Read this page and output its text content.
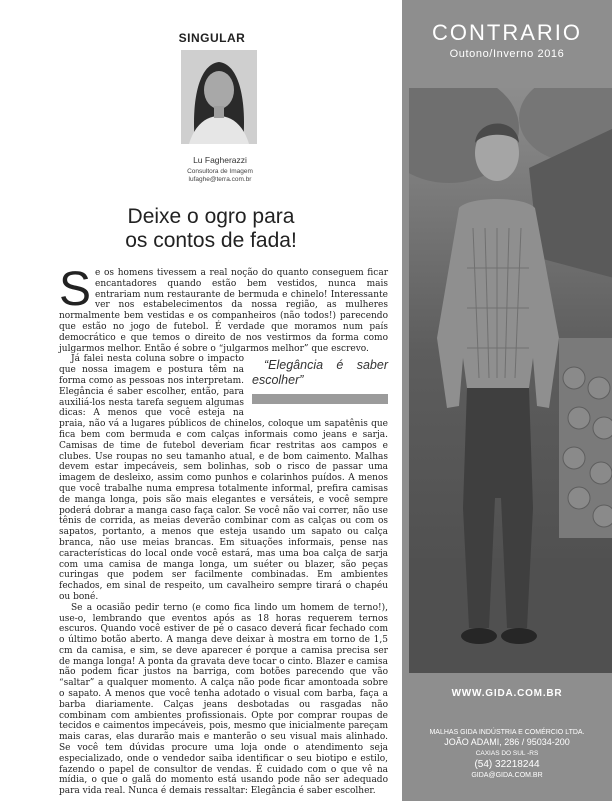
SINGULAR
Lu Fagherazzi
Consultora de Imagem
lufaghe@terra.com.br
Deixe o ogro para
os contos de fada!

Se os homens tivessem a real noção do quanto conseguem ficar encantadores quando estão bem vestidos, nunca mais entrariam num restaurante de bermuda e chinelo! Interessante ver nos estabelecimentos da nossa região, as mulheres normalmente bem vestidas e os companheiros (não todos!) parecendo que estão no jogo de futebol. É verdade que moramos num país democrático e que temos o direito de nos vestirmos da forma como julgarmos melhor. Então é sobre o “julgarmos melhor” que escrevo.

“Elegância é saber escolher”
Já falei nesta coluna sobre o impacto que nossa imagem e postura têm na forma como as pessoas nos interpretam. Elegância é saber escolher, então, para auxiliá-los nesta tarefa seguem algumas dicas: A menos que você esteja na praia, não vá a lugares públicos de chinelos, coloque um sapatênis que fica bem com bermuda e com calças informais como jeans e sarja. Camisas de time de futebol deveriam ficar restritas aos campos e clubes. Use roupas no seu tamanho atual, e de bom caimento. Malhas devem estar impecáveis, sem bolinhas, sob o risco de passar uma imagem de desleixo, assim como punhos e colarinhos puídos. A menos que você trabalhe numa empresa totalmente informal, prefira camisas de manga longa, pois são mais elegantes e versáteis, e você sempre poderá dobrar a manga caso faça calor. Se você não vai correr, não use tênis de corrida, as meias deverão combinar com as calças ou com os sapatos, portanto, a menos que esteja usando um sapato ou calça branca, não use meias brancas. Em situações informais, pense nas características do local onde você estará, mas uma boa calça de sarja com uma camisa de manga longa, um suéter ou blazer, são peças curingas que podem ser facilmente combinadas. Em ambientes fechados, em sinal de respeito, um cavalheiro sempre tirará o chapéu ou boné.

Se a ocasião pedir terno (e como fica lindo um homem de terno!), use-o, lembrando que eventos após as 18 horas requerem ternos escuros. Quando você estiver de pé o casaco deverá ficar fechado com o último botão aberto. A manga deve deixar à mostra em torno de 1,5 cm da camisa, e sim, se deve aparecer é porque a camisa precisa ser de manga longa! A ponta da gravata deve tocar o cinto. Blazer e camisa não podem ficar justos na barriga, com botões parecendo que vão “saltar” a qualquer momento. A calça não pode ficar amontoada sobre o sapato. A menos que você tenha adotado o visual com barba, faça a barba diariamente. Calças jeans desbotadas ou rasgadas não combinam com ambientes profissionais. Opte por comprar roupas de tecidos e caimentos impecáveis, pois, mesmo que inicialmente pareçam mais caras, elas durarão mais e manterão o seu visual mais alinhado. Se você tem dúvidas procure uma loja onde o atendimento seja especializado, onde o vendedor saiba identificar o seu biotipo e estilo, fazendo o papel de consultor de vendas. É cuidado com o que vê na mídia, o que o galã do momento está usando pode não ser adequado para vida real. Nunca é demais ressaltar: Elegância é saber escolher.

CONTRARIO
Outono/Inverno 2016
WWW.GIDA.COM.BR
MALHAS GIDA INDÚSTRIA E COMÉRCIO LTDA.
JOÃO ADAMI, 286 / 95034-200
CAXIAS DO SUL -RS
(54) 32218244
GIDA@GIDA.COM.BR
